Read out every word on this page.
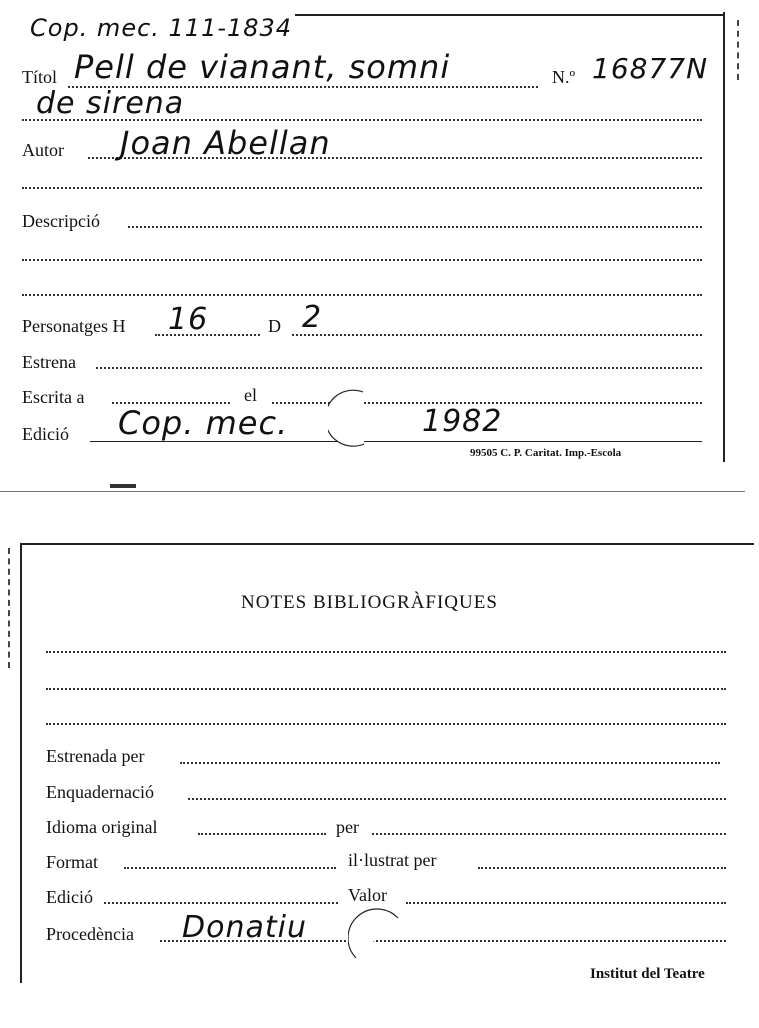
Cop. mec. 111-1834
Títol Pell de vianant, somni	N.º 16877N
de sirena
Autor Joan Abellan
Descripció
Personatges H 16	D 2
Estrena
Escrita a	el
Edició Cop. mec.	1982
99505 C. P. Caritat. Imp.-Escola
NOTES BIBLIOGRÀFIQUES
Estrenada per
Enquadernació
Idioma original	per
Format	il·lustrat per
Edició	Valor
Procedència Donatiu
Institut del Teatre
